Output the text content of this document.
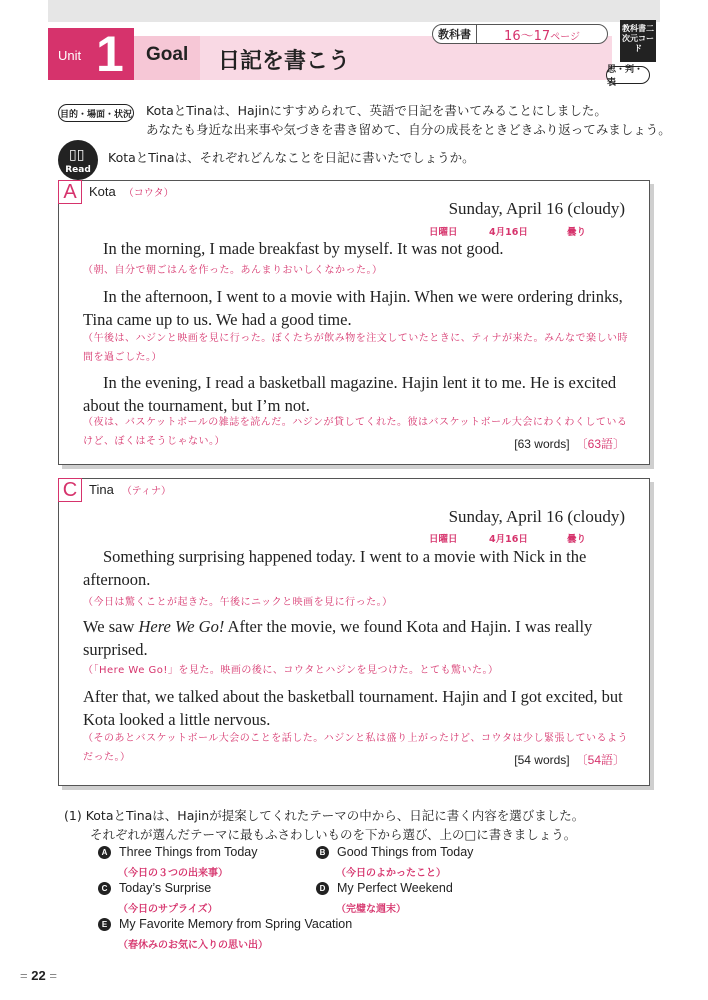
Unit 1 Goal 日記を書こう
教科書	16〜17ページ
教科書二次元コード
思・判・表
目的・場面・状況 KotaとTinaは、Hajinにすすめられて、英語で日記を書いてみることにしました。
あなたも身近な出来事や気づきを書き留めて、自分の成長をときどきふり返ってみましょう。
▯▯
Read
KotaとTinaは、それぞれどんなことを日記に書いたでしょうか。
A Kota （コウタ）
Sunday, April 16 (cloudy)
日曜日	4月16日	曇り
In the morning, I made breakfast by myself. It was not good.
（朝、自分で朝ごはんを作った。あんまりおいしくなかった。）
In the afternoon, I went to a movie with Hajin. When we were ordering drinks, Tina came up to us. We had a good time.
（午後は、ハジンと映画を見に行った。ぼくたちが飲み物を注文していたときに、ティナが来た。みんなで楽しい時間を過ごした。）
In the evening, I read a basketball magazine. Hajin lent it to me. He is excited about the tournament, but I’m not.
（夜は、バスケットボールの雑誌を読んだ。ハジンが貸してくれた。彼はバスケットボール大会にわくわくしているけど、ぼくはそうじゃない。）	[63 words] 〔63語〕
C Tina （ティナ）
Sunday, April 16 (cloudy)
日曜日	4月16日	曇り
Something surprising happened today. I went to a movie with Nick in the afternoon.
（今日は驚くことが起きた。午後にニックと映画を見に行った。）
We saw Here We Go! After the movie, we found Kota and Hajin. I was really surprised.
（「Here We Go!」を見た。映画の後に、コウタとハジンを見つけた。とても驚いた。）
After that, we talked about the basketball tournament. Hajin and I got excited, but Kota looked a little nervous.
（そのあとバスケットボール大会のことを話した。ハジンと私は盛り上がったけど、コウタは少し緊張しているようだった。）	[54 words] 〔54語〕
(1) KotaとTinaは、Hajinが提案してくれたテーマの中から、日記に書く内容を選びました。
それぞれが選んだテーマに最もふさわしいものを下から選び、上の□に書きましょう。
A Three Things from Today
（今日の３つの出来事）
B Good Things from Today
（今日のよかったこと）
C Today’s Surprise
（今日のサプライズ）
D My Perfect Weekend
（完璧な週末）
E My Favorite Memory from Spring Vacation
（春休みのお気に入りの思い出）
= 22 =
